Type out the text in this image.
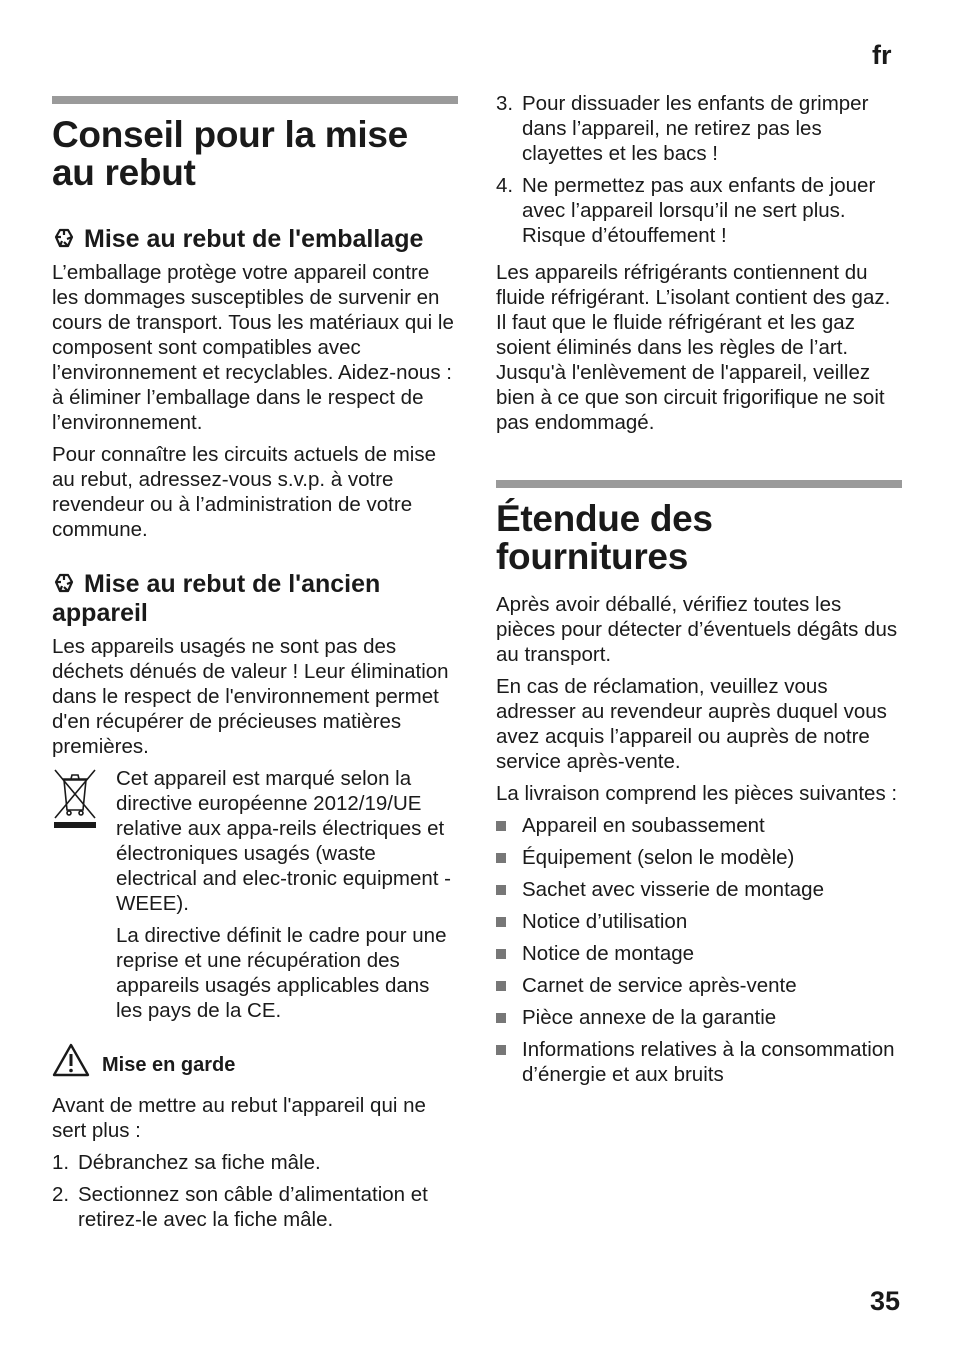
fr
Conseil pour la mise au rebut
Mise au rebut de l'emballage

L’emballage protège votre appareil contre les dommages susceptibles de survenir en cours de transport. Tous les matériaux qui le composent sont compatibles avec l’environnement et recyclables. Aidez-nous : à éliminer l’emballage dans le respect de l’environnement.

Pour connaître les circuits actuels de mise au rebut, adressez-vous s.v.p. à votre revendeur ou à l’administration de votre commune.

Mise au rebut de l'ancien appareil

Les appareils usagés ne sont pas des déchets dénués de valeur ! Leur élimination dans le respect de l'environnement permet d'en récupérer de précieuses matières premières.

Cet appareil est marqué selon la directive européenne 2012/19/UE relative aux appa-reils électriques et électroniques usagés (waste electrical and elec-tronic equipment - WEEE).

La directive définit le cadre pour une reprise et une récupération des appareils usagés applicables dans les pays de la CE.

Mise en garde

Avant de mettre au rebut l'appareil qui ne sert plus :

1. Débranchez sa fiche mâle.
2. Sectionnez son câble d’alimentation et retirez-le avec la fiche mâle.
3. Pour dissuader les enfants de grimper dans l’appareil, ne retirez pas les clayettes et les bacs !
4. Ne permettez pas aux enfants de jouer avec l’appareil lorsqu’il ne sert plus. Risque d’étouffement !

Les appareils réfrigérants contiennent du fluide réfrigérant. L’isolant contient des gaz. Il faut que le fluide réfrigérant et les gaz soient éliminés dans les règles de l’art. Jusqu'à l'enlèvement de l'appareil, veillez bien à ce que son circuit frigorifique ne soit pas endommagé.

Étendue des fournitures

Après avoir déballé, vérifiez toutes les pièces pour détecter d’éventuels dégâts dus au transport.

En cas de réclamation, veuillez vous adresser au revendeur auprès duquel vous avez acquis l’appareil ou auprès de notre service après-vente.

La livraison comprend les pièces suivantes :

Appareil en soubassement
Équipement (selon le modèle)
Sachet avec visserie de montage
Notice d’utilisation
Notice de montage
Carnet de service après-vente
Pièce annexe de la garantie
Informations relatives à la consommation d’énergie et aux bruits
35
